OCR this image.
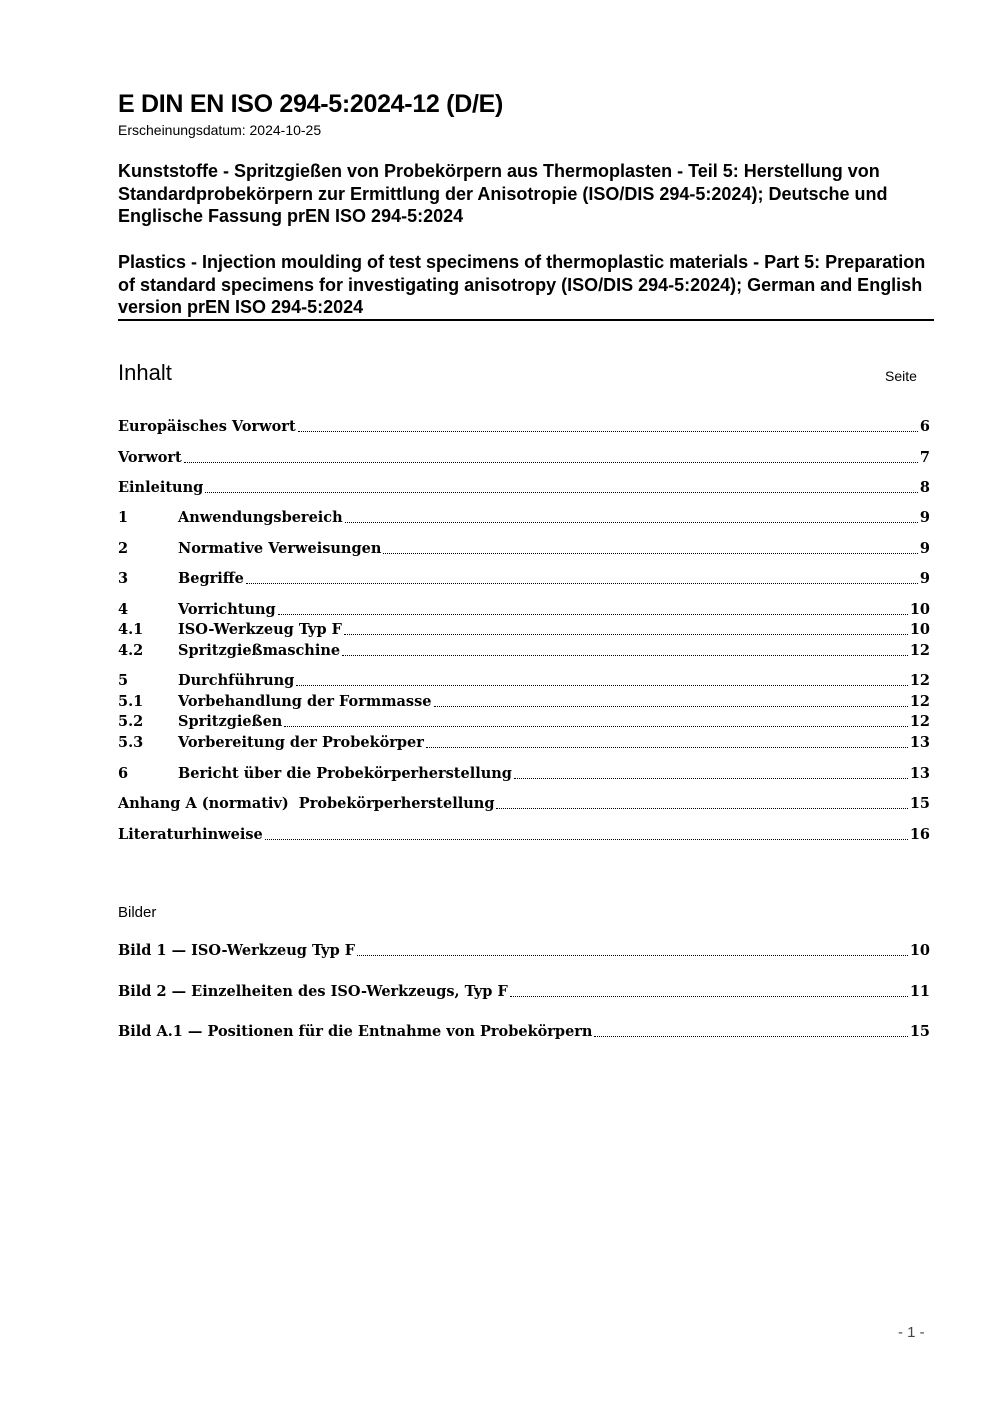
E DIN EN ISO 294-5:2024-12 (D/E)
Erscheinungsdatum: 2024-10-25

Kunststoffe - Spritzgießen von Probekörpern aus Thermoplasten - Teil 5: Herstellung von Standardprobekörpern zur Ermittlung der Anisotropie (ISO/DIS 294-5:2024); Deutsche und Englische Fassung prEN ISO 294-5:2024

Plastics - Injection moulding of test specimens of thermoplastic materials - Part 5: Preparation of standard specimens for investigating anisotropy (ISO/DIS 294-5:2024); German and English version prEN ISO 294-5:2024

Inhalt	Seite
Europäisches Vorwort	6
Vorwort	7
Einleitung	8
1	Anwendungsbereich	9
2	Normative Verweisungen	9
3	Begriffe	9
4	Vorrichtung	10
4.1	ISO-Werkzeug Typ F	10
4.2	Spritzgießmaschine	12
5	Durchführung	12
5.1	Vorbehandlung der Formmasse	12
5.2	Spritzgießen	12
5.3	Vorbereitung der Probekörper	13
6	Bericht über die Probekörperherstellung	13
Anhang A (normativ)  Probekörperherstellung	15
Literaturhinweise	16
Bilder
Bild 1 — ISO-Werkzeug Typ F	10
Bild 2 — Einzelheiten des ISO-Werkzeugs, Typ F	11
Bild A.1 — Positionen für die Entnahme von Probekörpern	15
- 1 -
